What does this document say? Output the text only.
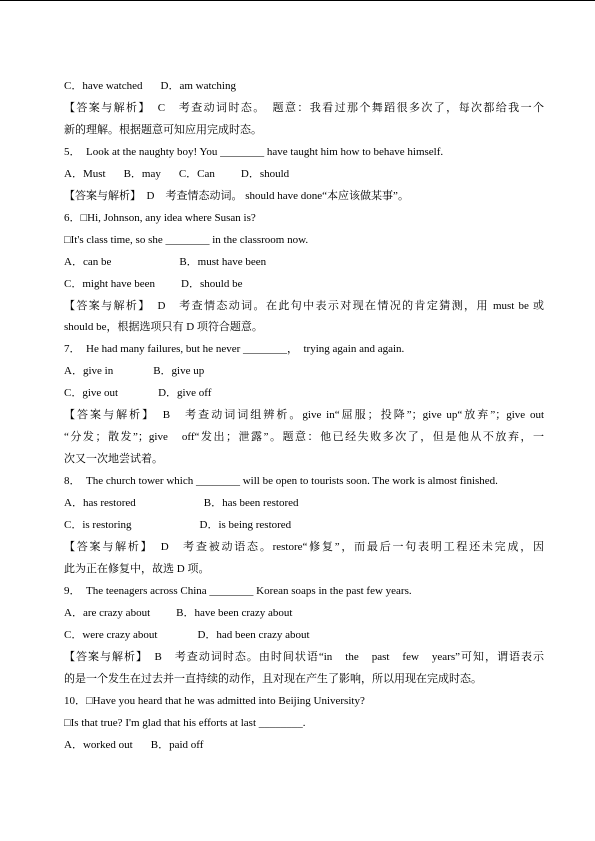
C．have watched D．am watching
【答案与解析】　C　考查动词时态。　题意：我看过那个舞蹈很多次了，每次都给我一个
新的理解。根据题意可知应用完成时态。
5．　Look at the naughty boy! You ________ have taught him how to behave himself.
A．Must B．may C．Can D．should
【答案与解析】　D　考查情态动词。 should have done“本应该做某事”。
6．□Hi, Johnson, any idea where Susan is?
□It's class time, so she ________ in the classroom now.
A．can be	B．must have been
C．might have been D．should be
【答案与解析】　D　考查情态动词。在此句中表示对现在情况的肯定猜测，用 must be 或
should be，根据选项只有 D 项符合题意。
7．　He had many failures, but he never ________，　trying again and again.
A．give in	B．give up
C．give out	D．give off
【答案与解析】　B　考查动词词组辨析。give in“屈服；投降”；give up“放弃”；give out
“分发；散发”；give　off“发出；泄露”。题意：他已经失败多次了，但是他从不放弃，一
次又一次地尝试着。
8．　The church tower which ________ will be open to tourists soon. The work is almost finished.
A．has restored	B．has been restored
C．is restoring	D．is being restored
【答案与解析】　D　考查被动语态。restore“修复”，而最后一句表明工程还未完成，因
此为正在修复中，故选 D 项。
9．　The teenagers across China ________ Korean soaps in the past few years.
A．are crazy about B．have been crazy about
C．were crazy about	D．had been crazy about
【答案与解析】　B　考查动词时态。由时间状语“in　the　past　few　years”可知，谓语表示
的是一个发生在过去并一直持续的动作，且对现在产生了影响，所以用现在完成时态。
10．□Have you heard that he was admitted into Beijing University?
□Is that true? I'm glad that his efforts at last ________.
A．worked out B．paid off
